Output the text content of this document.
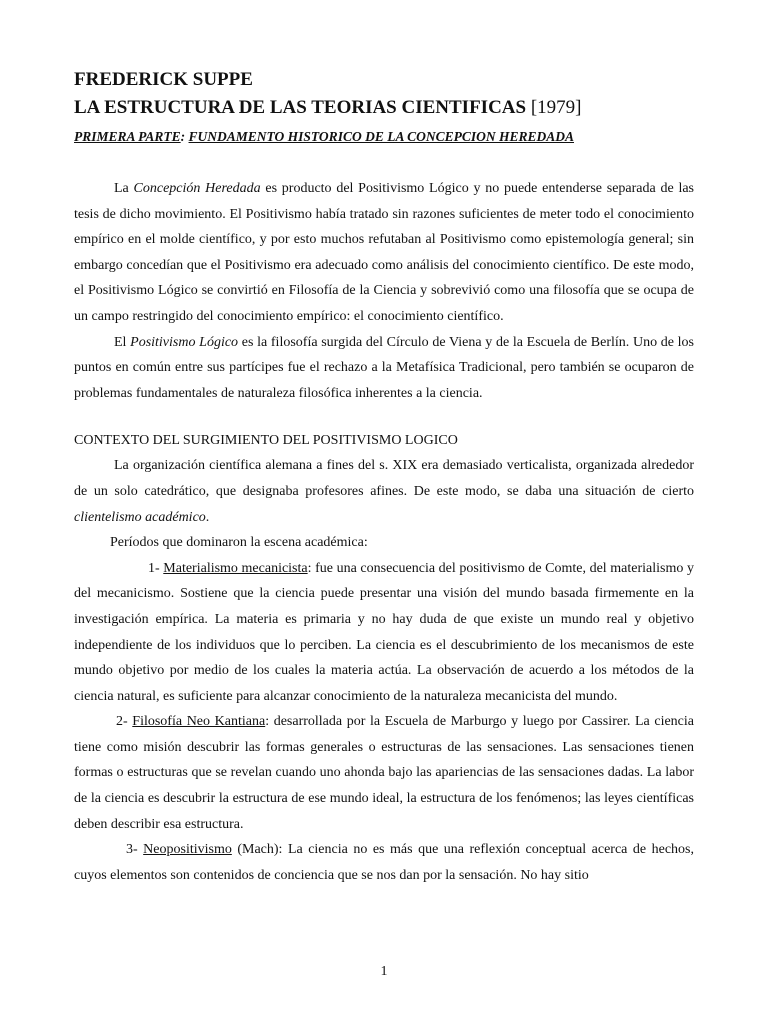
FREDERICK SUPPE

LA ESTRUCTURA DE LAS TEORIAS CIENTIFICAS [1979]

PRIMERA PARTE: FUNDAMENTO HISTORICO DE LA CONCEPCION HEREDADA

La Concepción Heredada es producto del Positivismo Lógico y no puede entenderse separada de las tesis de dicho movimiento. El Positivismo había tratado sin razones suficientes de meter todo el conocimiento empírico en el molde científico, y por esto muchos refutaban al Positivismo como epistemología general; sin embargo concedían que el Positivismo era adecuado como análisis del conocimiento científico. De este modo, el Positivismo Lógico se convirtió en Filosofía de la Ciencia y sobrevivió como una filosofía que se ocupa de un campo restringido del conocimiento empírico: el conocimiento científico.

El Positivismo Lógico es la filosofía surgida del Círculo de Viena y de la Escuela de Berlín. Uno de los puntos en común entre sus partícipes fue el rechazo a la Metafísica Tradicional, pero también se ocuparon de problemas fundamentales de naturaleza filosófica inherentes a la ciencia.

CONTEXTO DEL SURGIMIENTO DEL POSITIVISMO LOGICO

La organización científica alemana a fines del s. XIX era demasiado verticalista, organizada alrededor de un solo catedrático, que designaba profesores afines. De este modo, se daba una situación de cierto clientelismo académico.

Períodos que dominaron la escena académica:

1- Materialismo mecanicista: fue una consecuencia del positivismo de Comte, del materialismo y del mecanicismo. Sostiene que la ciencia puede presentar una visión del mundo basada firmemente en la investigación empírica. La materia es primaria y no hay duda de que existe un mundo real y objetivo independiente de los individuos que lo perciben. La ciencia es el descubrimiento de los mecanismos de este mundo objetivo por medio de los cuales la materia actúa. La observación de acuerdo a los métodos de la ciencia natural, es suficiente para alcanzar conocimiento de la naturaleza mecanicista del mundo.

2- Filosofía Neo Kantiana: desarrollada por la Escuela de Marburgo y luego por Cassirer. La ciencia tiene como misión descubrir las formas generales o estructuras de las sensaciones. Las sensaciones tienen formas o estructuras que se revelan cuando uno ahonda bajo las apariencias de las sensaciones dadas. La labor de la ciencia es descubrir la estructura de ese mundo ideal, la estructura de los fenómenos; las leyes científicas deben describir esa estructura.

3- Neopositivismo (Mach): La ciencia no es más que una reflexión conceptual acerca de hechos, cuyos elementos son contenidos de conciencia que se nos dan por la sensación. No hay sitio

1
